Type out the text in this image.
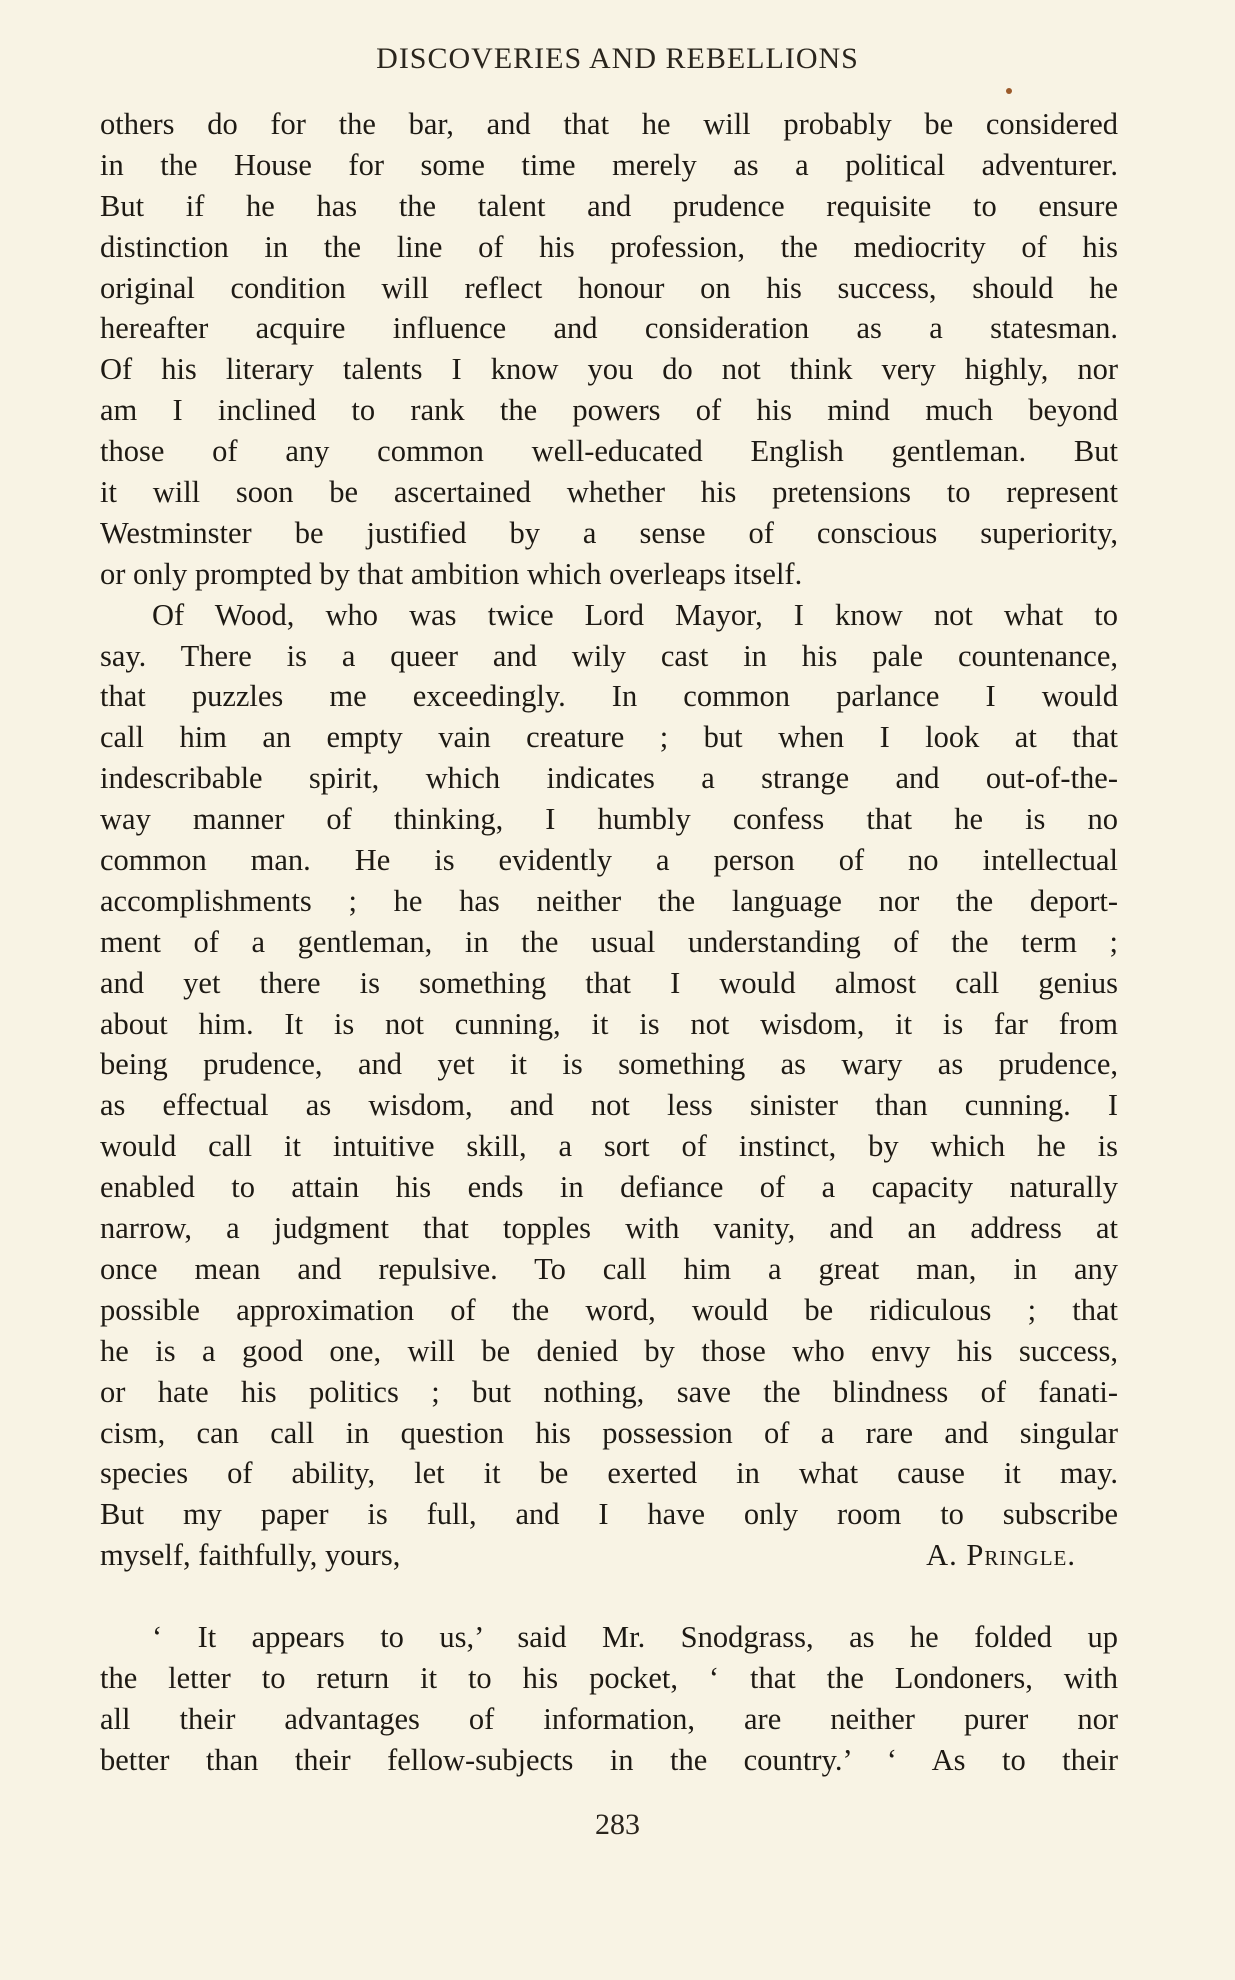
DISCOVERIES AND REBELLIONS
others do for the bar, and that he will probably be considered
in the House for some time merely as a political adventurer.
But if he has the talent and prudence requisite to ensure
distinction in the line of his profession, the mediocrity of his
original condition will reflect honour on his success, should he
hereafter acquire influence and consideration as a statesman.
Of his literary talents I know you do not think very highly, nor
am I inclined to rank the powers of his mind much beyond
those of any common well-educated English gentleman. But
it will soon be ascertained whether his pretensions to represent
Westminster be justified by a sense of conscious superiority,
or only prompted by that ambition which overleaps itself.
Of Wood, who was twice Lord Mayor, I know not what to
say. There is a queer and wily cast in his pale countenance,
that puzzles me exceedingly. In common parlance I would
call him an empty vain creature ; but when I look at that
indescribable spirit, which indicates a strange and out-of-the-
way manner of thinking, I humbly confess that he is no
common man. He is evidently a person of no intellectual
accomplishments ; he has neither the language nor the deport-
ment of a gentleman, in the usual understanding of the term ;
and yet there is something that I would almost call genius
about him. It is not cunning, it is not wisdom, it is far from
being prudence, and yet it is something as wary as prudence,
as effectual as wisdom, and not less sinister than cunning. I
would call it intuitive skill, a sort of instinct, by which he is
enabled to attain his ends in defiance of a capacity naturally
narrow, a judgment that topples with vanity, and an address at
once mean and repulsive. To call him a great man, in any
possible approximation of the word, would be ridiculous ; that
he is a good one, will be denied by those who envy his success,
or hate his politics ; but nothing, save the blindness of fanati-
cism, can call in question his possession of a rare and singular
species of ability, let it be exerted in what cause it may.
But my paper is full, and I have only room to subscribe
myself, faithfully, yours,	A. Pringle.
‘ It appears to us,’ said Mr. Snodgrass, as he folded up
the letter to return it to his pocket, ‘ that the Londoners, with
all their advantages of information, are neither purer nor
better than their fellow-subjects in the country.’ ‘ As to their
283
